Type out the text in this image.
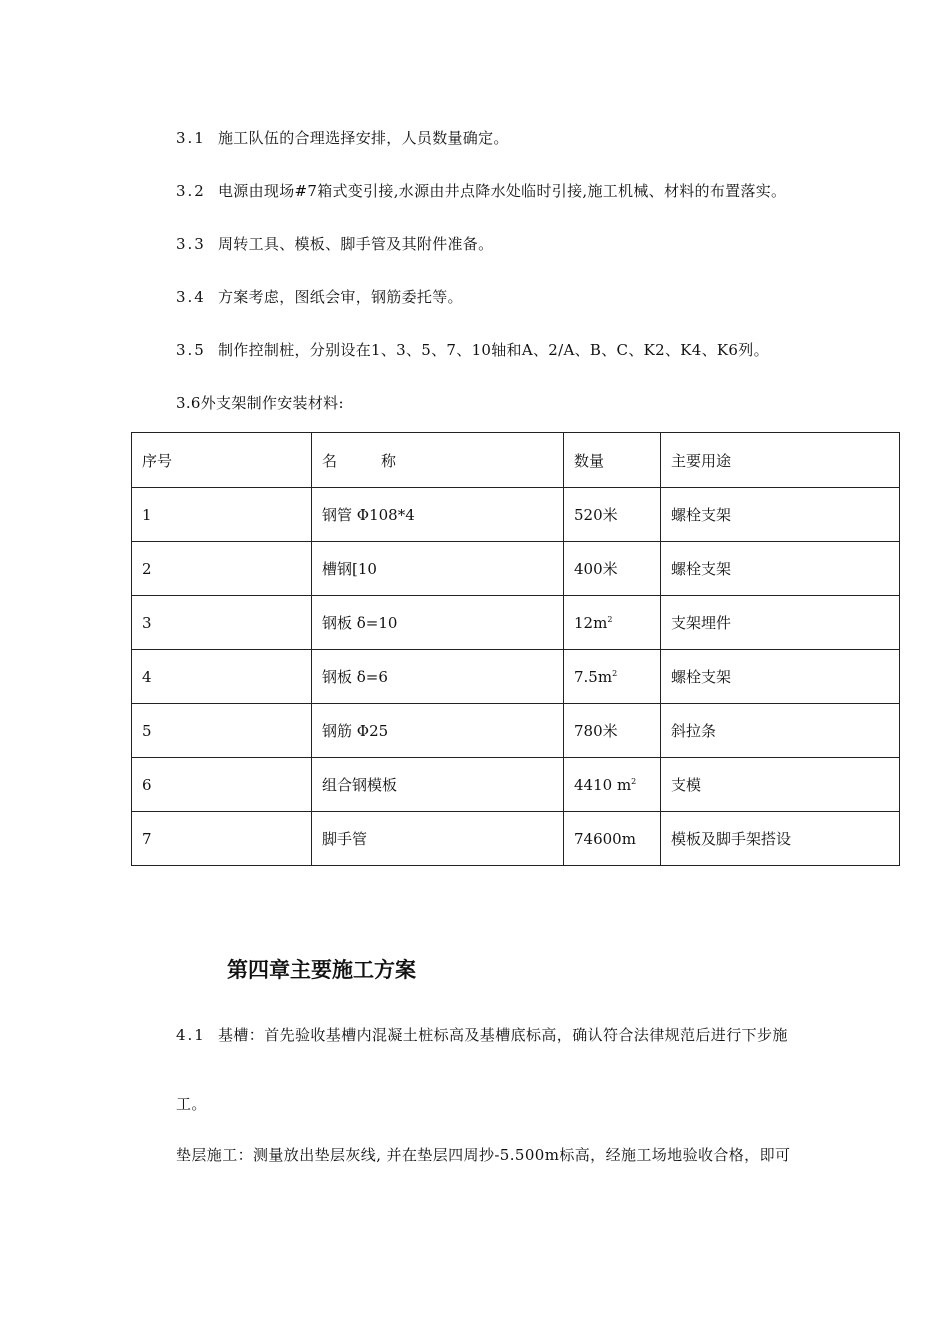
3.1 施工队伍的合理选择安排，人员数量确定。
3.2 电源由现场#7箱式变引接,水源由井点降水处临时引接,施工机械、材料的布置落实。
3.3 周转工具、模板、脚手管及其附件准备。
3.4 方案考虑，图纸会审，钢筋委托等。
3.5 制作控制桩，分别设在1、3、5、7、10轴和A、2/A、B、C、K2、K4、K6列。
3.6外支架制作安装材料:
序号	名 称	数量	主要用途
1	钢管 Φ108*4	520米	螺栓支架
2	槽钢[10	400米	螺栓支架
3	钢板 δ=10	$12m^2$	支架埋件
4	钢板 δ=6	$7.5m^2$	螺栓支架
5	钢筋 Φ25	780米	斜拉条
6	组合钢模板	4410 $m^2$	支模
7	脚手管	74600m	模板及脚手架搭设
第四章主要施工方案
4.1 基槽：首先验收基槽内混凝土桩标高及基槽底标高，确认符合法律规范后进行下步施
工。
垫层施工：测量放出垫层灰线, 并在垫层四周抄-5.500m标高，经施工场地验收合格，即可
